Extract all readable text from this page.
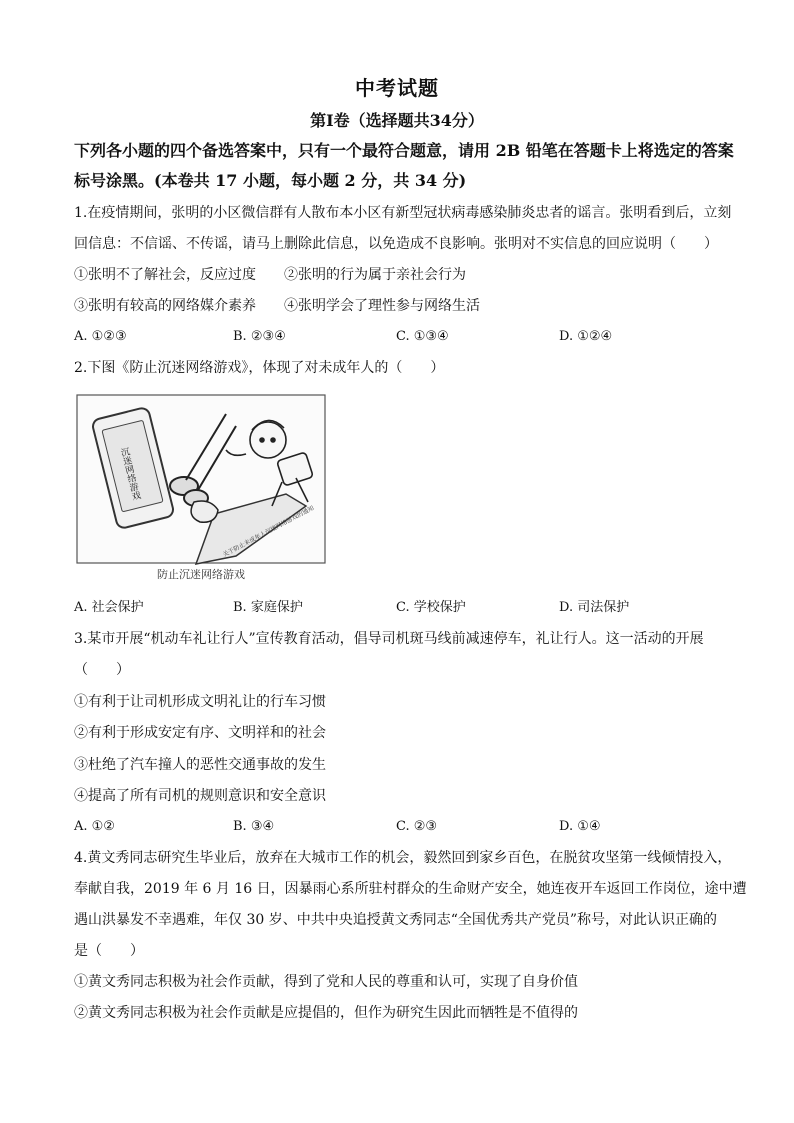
中考试题
第Ⅰ卷（选择题共34分）
下列各小题的四个备选答案中，只有一个最符合题意，请用 2B 铅笔在答题卡上将选定的答案
标号涂黑。(本卷共 17 小题，每小题 2 分，共 34 分)
1.在疫情期间，张明的小区微信群有人散布本小区有新型冠状病毒感染肺炎忠者的谣言。张明看到后，立刻
回信息：不信谣、不传谣，请马上删除此信息，以免造成不良影响。张明对不实信息的回应说明（　　）
①张明不了解社会，反应过度 ②张明的行为属于亲社会行为
③张明有较高的网络媒介素养 ④张明学会了理性参与网络生活
A. ①②③	B. ②③④	C. ①③④	D. ①②④
2.下图《防止沉迷网络游戏》，体现了对未成年人的（　　）
沉迷网络游戏
关于防止未成年人沉迷网络游戏的通知
防止沉迷网络游戏
A. 社会保护	B. 家庭保护	C. 学校保护	D. 司法保护
3.某市开展“机动车礼让行人”宣传教育活动，倡导司机斑马线前减速停车，礼让行人。这一活动的开展
（　　）
①有利于让司机形成文明礼让的行车习惯
②有利于形成安定有序、文明祥和的社会
③杜绝了汽车撞人的恶性交通事故的发生
④提高了所有司机的规则意识和安全意识
A. ①②	B. ③④	C. ②③	D. ①④
4.黄文秀同志研究生毕业后，放弃在大城市工作的机会，毅然回到家乡百色，在脱贫攻坚第一线倾情投入，
奉献自我，2019 年 6 月 16 日，因暴雨心系所驻村群众的生命财产安全，她连夜开车返回工作岗位，途中遭
遇山洪暴发不幸遇难，年仅 30 岁、中共中央追授黄文秀同志“全国优秀共产党员”称号，对此认识正确的
是（　　）
①黄文秀同志积极为社会作贡献，得到了党和人民的尊重和认可，实现了自身价值
②黄文秀同志积极为社会作贡献是应提倡的，但作为研究生因此而牺牲是不值得的
